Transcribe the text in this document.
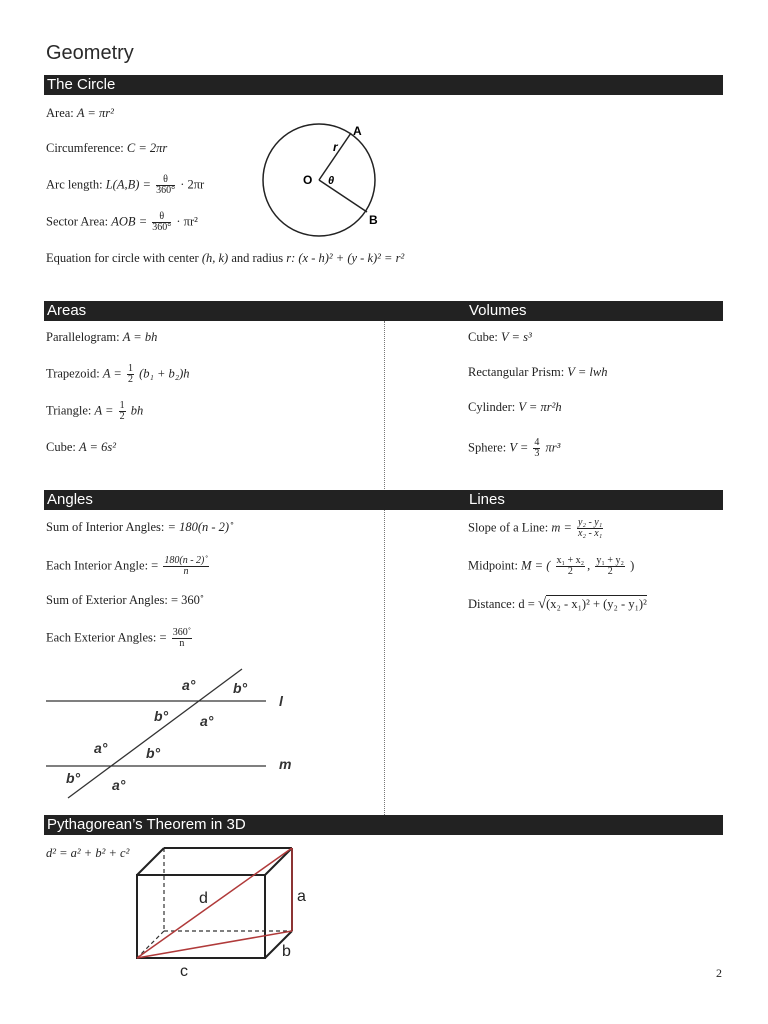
Geometry
The Circle
Area: A = πr²
Circumference: C = 2πr
Arc length: $L(A,B) = \frac{\theta}{360^\circ} \cdot 2\pi r$
Sector Area: AOB = $\frac{\theta}{360^\circ} \cdot \pi r^2$
Equation for circle with center (h, k) and radius r: (x - h)² + (y - k)² = r²
A
B
O
r
θ
Areas	Volumes
Parallelogram: A = bh
Trapezoid: $A = \frac{1}{2} (b_1 + b_2)h$
Triangle: $A = \frac{1}{2}$ bh
Cube: A = 6s²
Cube: V = s³
Rectangular Prism: V = lwh
Cylinder: V = πr²h
Sphere: $V = \frac{4}{3} \pi r^3$
Angles	Lines
Sum of Interior Angles: = 180(n - 2)˚
Each Interior Angle: = $\frac{180(n - 2)˚}{n}$
Sum of Exterior Angles: = 360˚
Each Exterior Angles: = $\frac{360˚}{n}$
a°	b°
b° a°
a°	b°
b° a°
l
m
Slope of a Line: $m = \frac{\text{y₂ - y₁}}{\text{x₂ - x₁}}$
Midpoint: M = ( $\frac{\text{x₁ + x₂}}{2}$ , $\frac{\text{y₁ + y₂}}{2}$ )
Distance: d = √(x₂ - x₁)² + (y₂ - y₁)²
Pythagorean’s Theorem in 3D
d² = a² + b² + c²
d	a
b
c	2
